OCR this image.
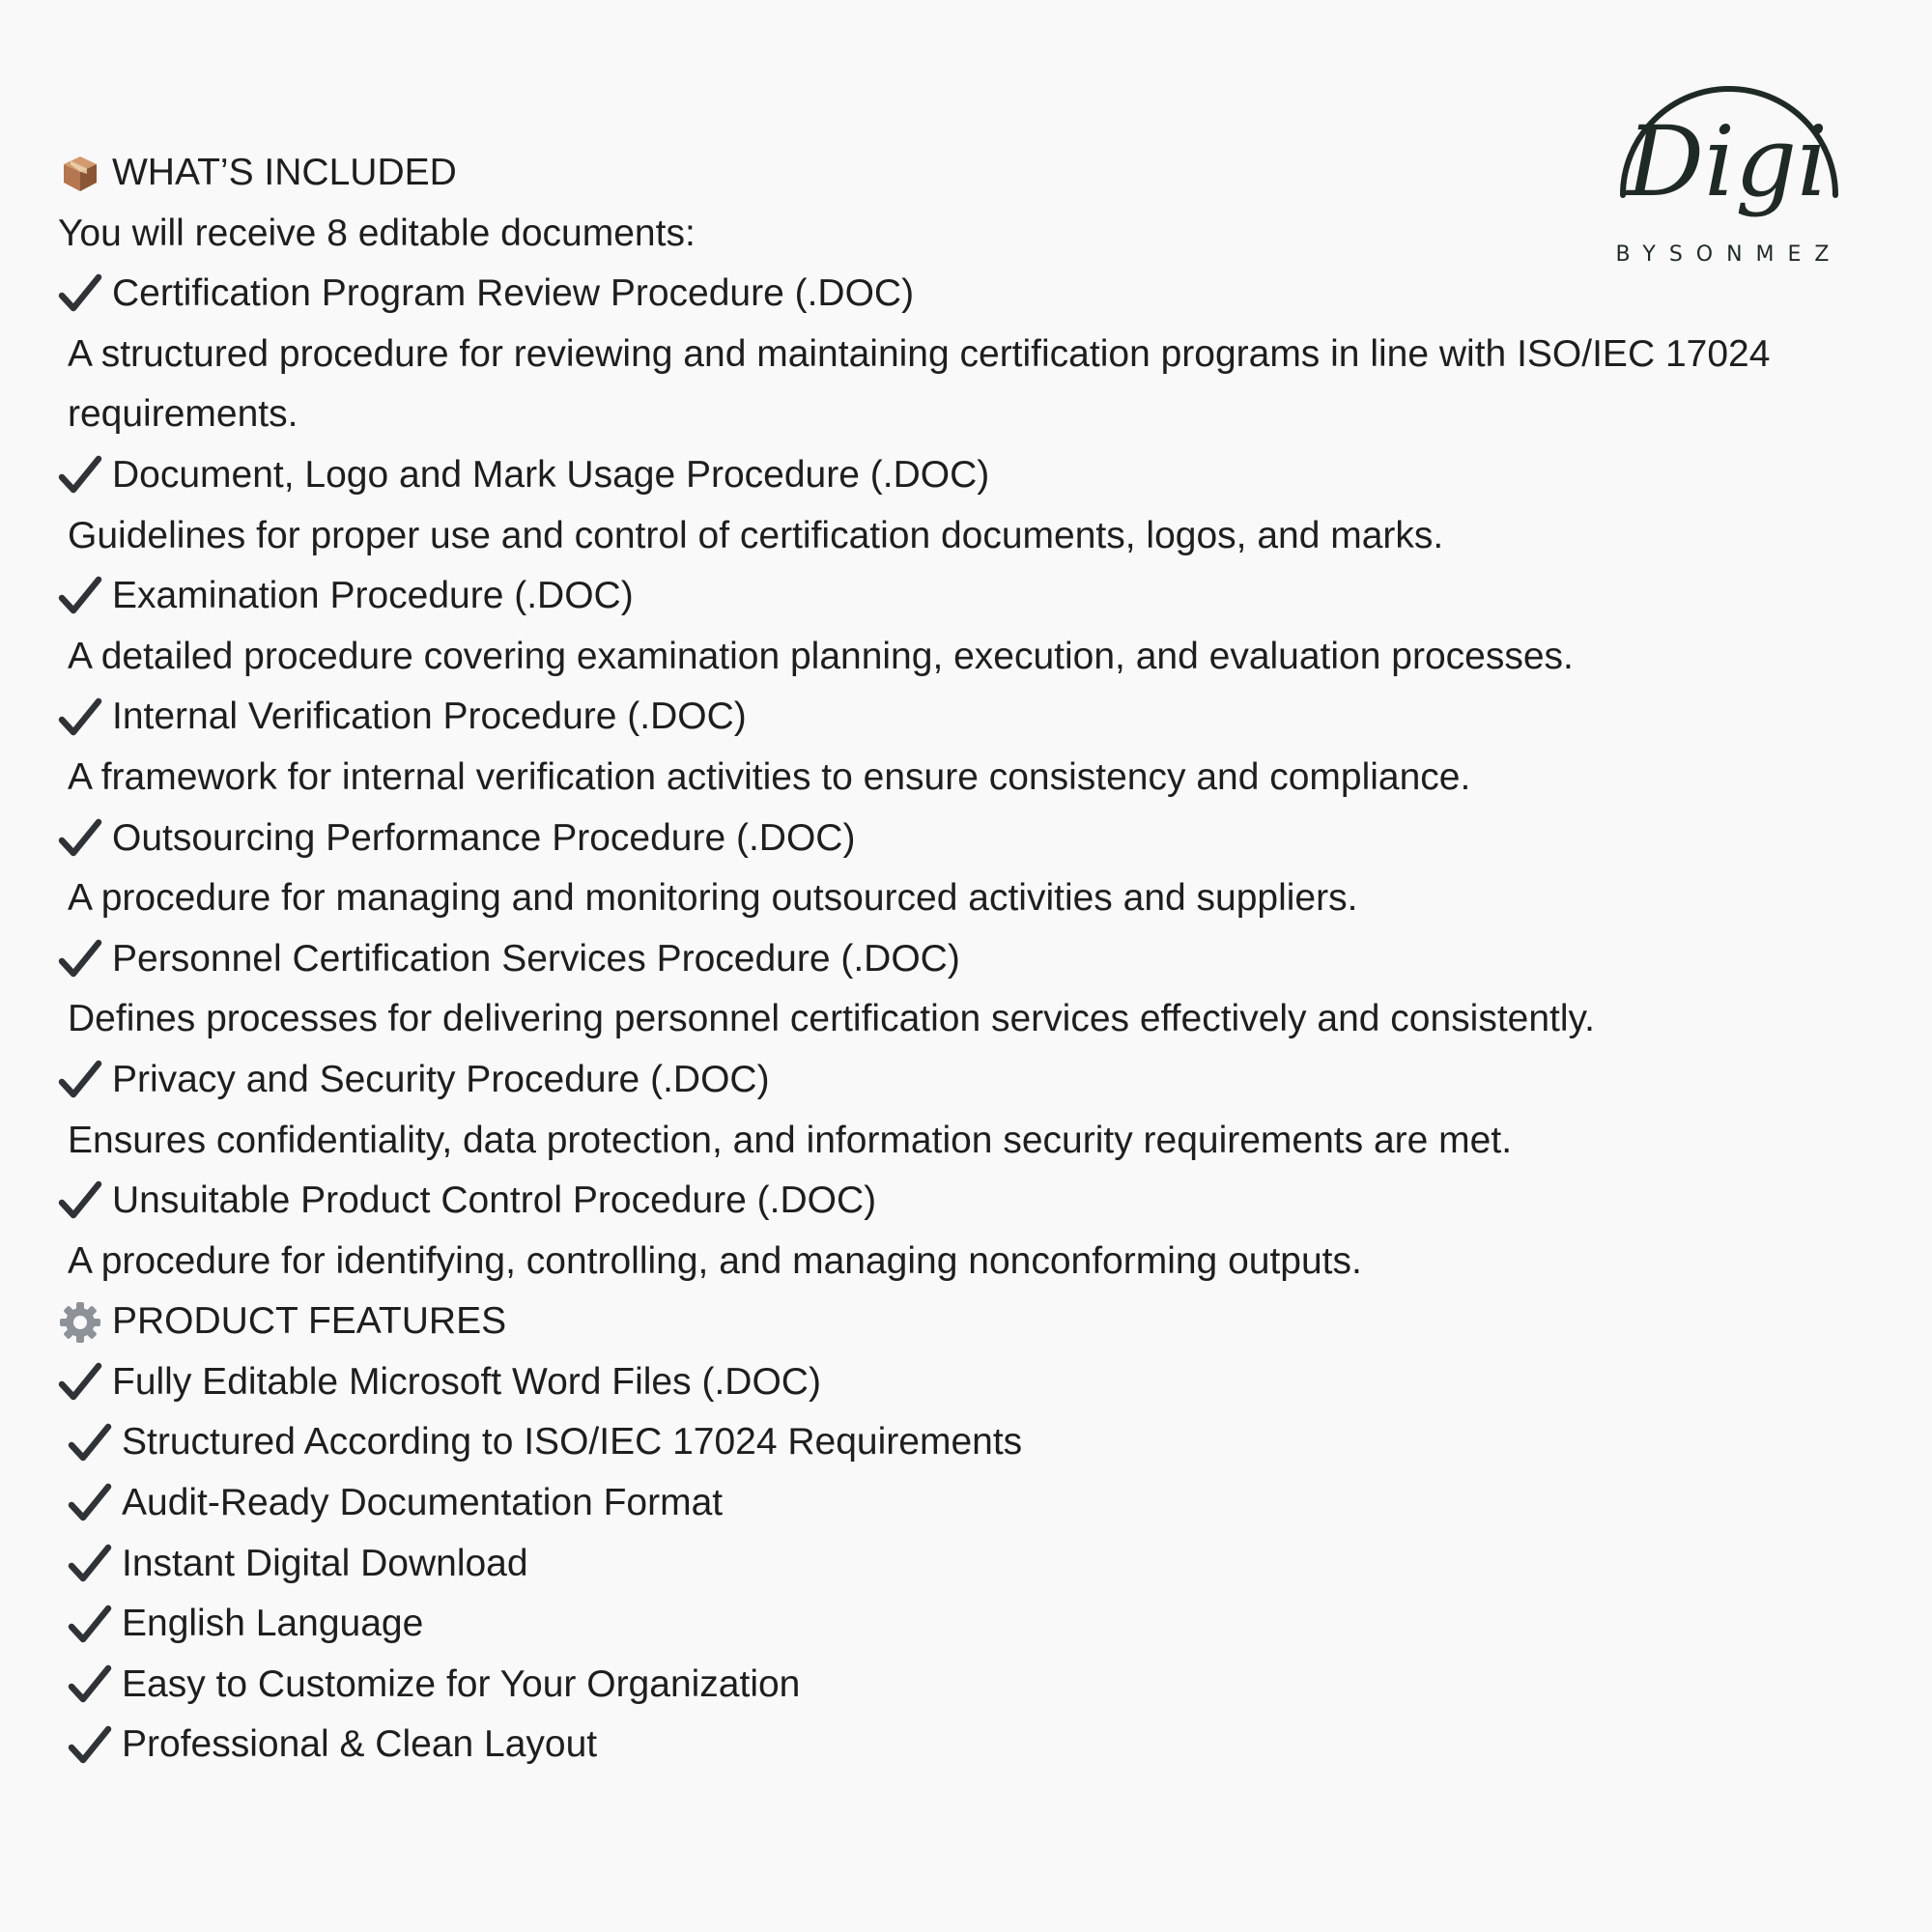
Digi
BYSONMEZ
WHAT’S INCLUDED
You will receive 8 editable documents:
Certification Program Review Procedure (.DOC)
A structured procedure for reviewing and maintaining certification programs in line with ISO/IEC 17024 requirements.
Document, Logo and Mark Usage Procedure (.DOC)
Guidelines for proper use and control of certification documents, logos, and marks.
Examination Procedure (.DOC)
A detailed procedure covering examination planning, execution, and evaluation processes.
Internal Verification Procedure (.DOC)
A framework for internal verification activities to ensure consistency and compliance.
Outsourcing Performance Procedure (.DOC)
A procedure for managing and monitoring outsourced activities and suppliers.
Personnel Certification Services Procedure (.DOC)
Defines processes for delivering personnel certification services effectively and consistently.
Privacy and Security Procedure (.DOC)
Ensures confidentiality, data protection, and information security requirements are met.
Unsuitable Product Control Procedure (.DOC)
A procedure for identifying, controlling, and managing nonconforming outputs.
PRODUCT FEATURES
Fully Editable Microsoft Word Files (.DOC)
Structured According to ISO/IEC 17024 Requirements
Audit-Ready Documentation Format
Instant Digital Download
English Language
Easy to Customize for Your Organization
Professional & Clean Layout
